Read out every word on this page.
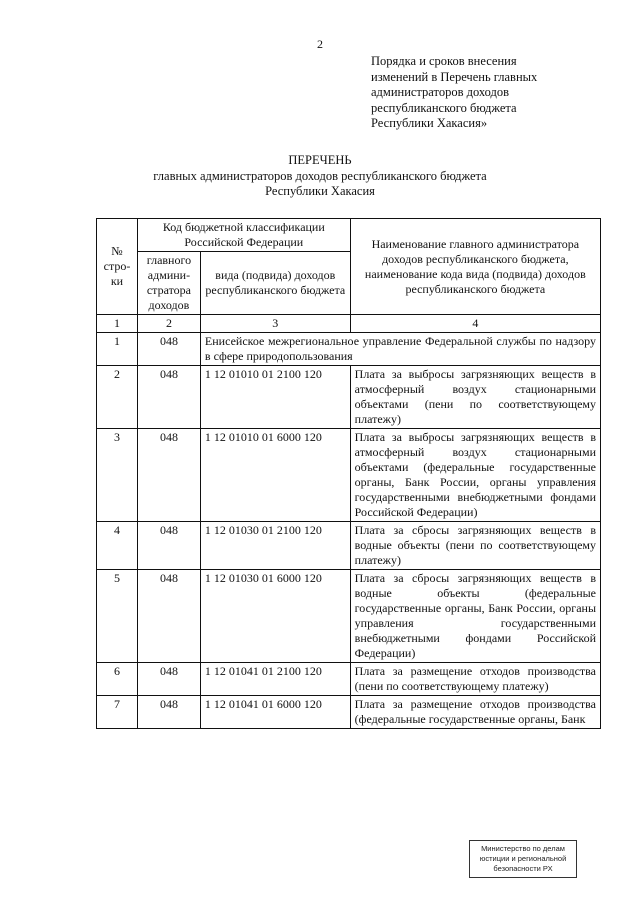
2
Порядка и сроков внесения
изменений в Перечень главных
администраторов доходов
республиканского бюджета
Республики Хакасия»
ПЕРЕЧЕНЬ
главных администраторов доходов республиканского бюджета
Республики Хакасия
№ стро-ки	Код бюджетной классификации Российской Федерации		Наименование главного администратора доходов республиканского бюджета, наименование кода вида (подвида) доходов республиканского бюджета
	главного админи-стратора доходов	вида (подвида) доходов республиканского бюджета	
1	2	3	4
1	048	Енисейское межрегиональное управление Федеральной службы по надзору в сфере природопользования	
2	048	1 12 01010 01 2100 120	Плата за выбросы загрязняющих веществ в атмосферный воздух стационарными объектами (пени по соответствующему платежу)
3	048	1 12 01010 01 6000 120	Плата за выбросы загрязняющих веществ в атмосферный воздух стационарными объектами (федеральные государственные органы, Банк России, органы управления государственными внебюджетными фондами Российской Федерации)
4	048	1 12 01030 01 2100 120	Плата за сбросы загрязняющих веществ в водные объекты (пени по соответствующему платежу)
5	048	1 12 01030 01 6000 120	Плата за сбросы загрязняющих веществ в водные объекты (федеральные государственные органы, Банк России, органы управления государственными внебюджетными фондами Российской Федерации)
6	048	1 12 01041 01 2100 120	Плата за размещение отходов производства (пени по соответствующему платежу)
7	048	1 12 01041 01 6000 120	Плата за размещение отходов производства (федеральные государственные органы, Банк
Министерство по делам
юстиции и региональной
безопасности РХ
